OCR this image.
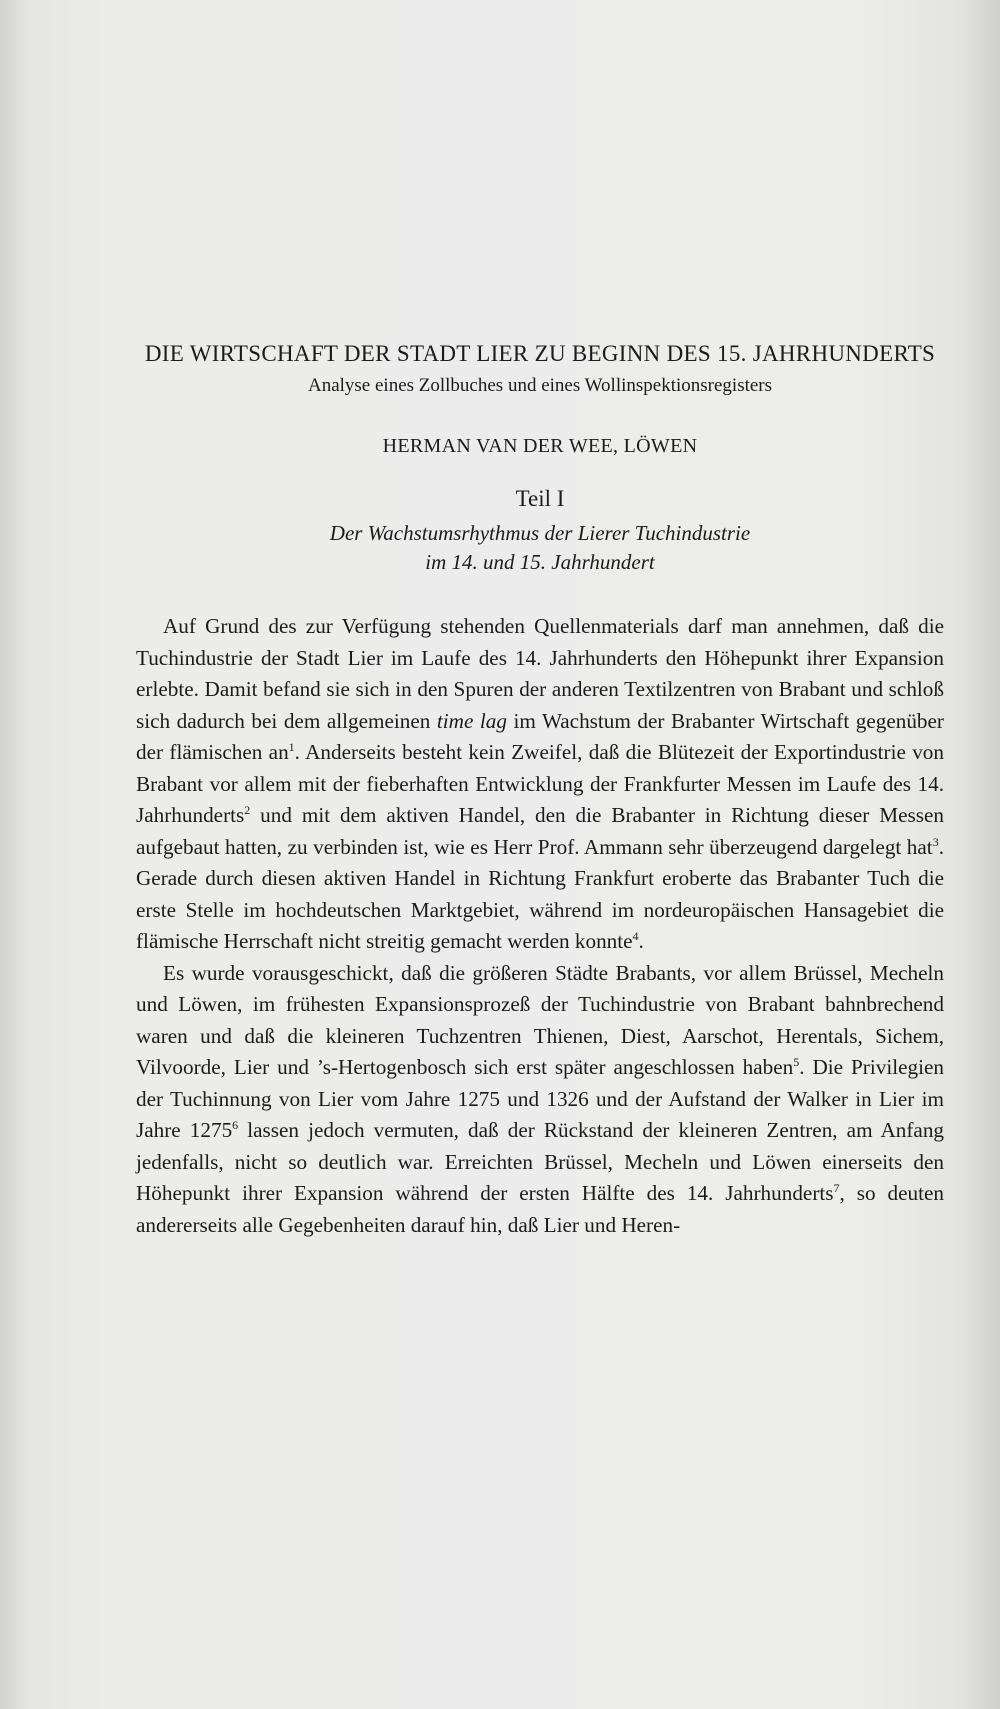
DIE WIRTSCHAFT DER STADT LIER ZU BEGINN DES 15. JAHRHUNDERTS

Analyse eines Zollbuches und eines Wollinspektionsregisters

HERMAN VAN DER WEE, LÖWEN

Teil I

Der Wachstumsrhythmus der Lierer Tuchindustrie
im 14. und 15. Jahrhundert

Auf Grund des zur Verfügung stehenden Quellenmaterials darf man annehmen, daß die Tuchindustrie der Stadt Lier im Laufe des 14. Jahrhunderts den Höhepunkt ihrer Expansion erlebte. Damit befand sie sich in den Spuren der anderen Textilzentren von Brabant und schloß sich dadurch bei dem allgemeinen time lag im Wachstum der Brabanter Wirtschaft gegenüber der flämischen $an^1$. Anderseits besteht kein Zweifel, daß die Blütezeit der Exportindustrie von Brabant vor allem mit der fieberhaften Entwicklung der Frankfurter Messen im Laufe des 14. Jahrhunderts$^2$ und mit dem aktiven Handel, den die Brabanter in Richtung dieser Messen aufgebaut hatten, zu verbinden ist, wie es Herr Prof. Ammann sehr überzeugend dargelegt hat$^3$. Gerade durch diesen aktiven Handel in Richtung Frankfurt eroberte das Brabanter Tuch die erste Stelle im hochdeutschen Marktgebiet, während im nordeuropäischen Hansagebiet die flämische Herrschaft nicht streitig gemacht werden konnte$^4$.
Es wurde vorausgeschickt, daß die größeren Städte Brabants, vor allem Brüssel, Mecheln und Löwen, im frühesten Expansionsprozeß der Tuchindustrie von Brabant bahnbrechend waren und daß die kleineren Tuchzentren Thienen, Diest, Aarschot, Herentals, Sichem, Vilvoorde, Lier und ’s-Hertogenbosch sich erst später angeschlossen haben$^5$. Die Privilegien der Tuchinnung von Lier vom Jahre 1275 und 1326 und der Aufstand der Walker in Lier im Jahre 1275$^6$ lassen jedoch vermuten, daß der Rückstand der kleineren Zentren, am Anfang jedenfalls, nicht so deutlich war. Erreichten Brüssel, Mecheln und Löwen einerseits den Höhepunkt ihrer Expansion während der ersten Hälfte des 14. Jahrhunderts$^7$, so deuten andererseits alle Gegebenheiten darauf hin, daß Lier und Heren-
